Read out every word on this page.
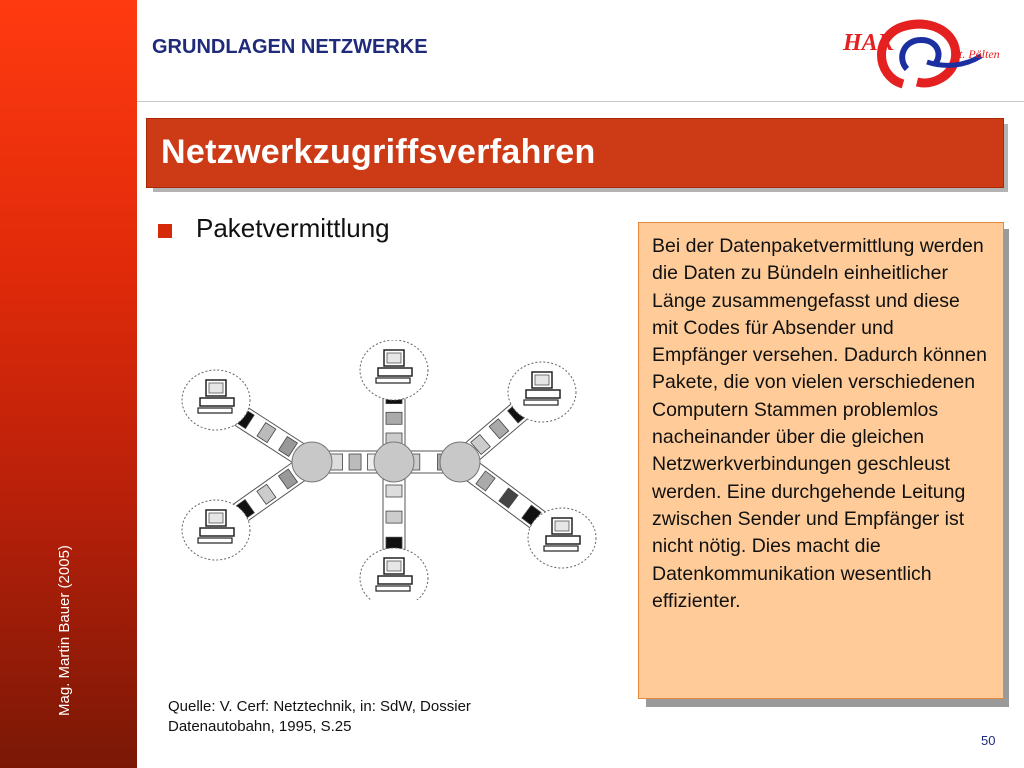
Mag. Martin Bauer (2005)
GRUNDLAGEN NETZWERKE	HAK	St. Pölten
Netzwerkzugriffsverfahren
Paketvermittlung
Bei der Datenpaketvermittlung werden die Daten zu Bündeln einheitlicher Länge zusammengefasst und diese mit Codes für Absender und Empfänger versehen. Dadurch können Pakete, die von vielen verschiedenen Computern Stammen problemlos nacheinander über die gleichen Netzwerkverbindungen geschleust werden. Eine durchgehende Leitung zwischen Sender und Empfänger ist nicht nötig. Dies macht die Datenkommunikation wesentlich effizienter.
Quelle: V. Cerf: Netztechnik, in: SdW, Dossier
Datenautobahn, 1995, S.25
50
